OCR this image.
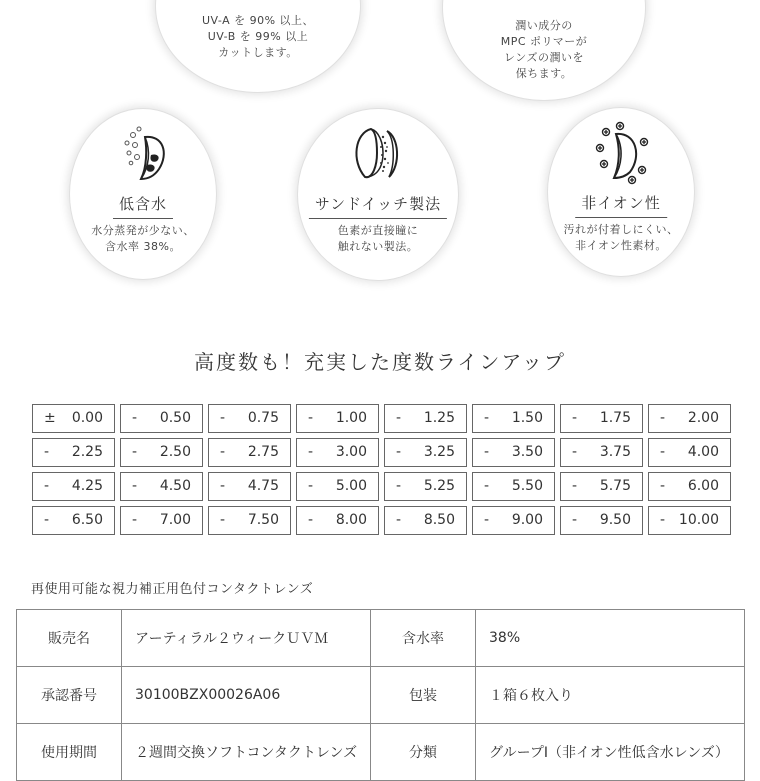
UV-A を 90% 以上、
UV-B を 99% 以上
カットします。
潤い成分の
MPC ポリマーが
レンズの潤いを
保ちます。
低含水
水分蒸発が少ない、
含水率 38%。
サンドイッチ製法
色素が直接瞳に
触れない製法。
非イオン性
汚れが付着しにくい、
非イオン性素材。
高度数も！充実した度数ラインアップ
± 0.00 - 0.50 - 0.75 - 1.00 - 1.25 - 1.50 - 1.75 - 2.00
- 2.25 - 2.50 - 2.75 - 3.00 - 3.25 - 3.50 - 3.75 - 4.00
- 4.25 - 4.50 - 4.75 - 5.00 - 5.25 - 5.50 - 5.75 - 6.00
- 6.50 - 7.00 - 7.50 - 8.00 - 8.50 - 9.00 - 9.50 - 10.00
再使用可能な視力補正用色付コンタクトレンズ
販売名	アーティラル２ウィークＵＶＭ	含水率	38%
承認番号	30100BZX00026A06	包装	１箱６枚入り
使用期間	２週間交換ソフトコンタクトレンズ	分類	グループⅠ（非イオン性低含水レンズ）
